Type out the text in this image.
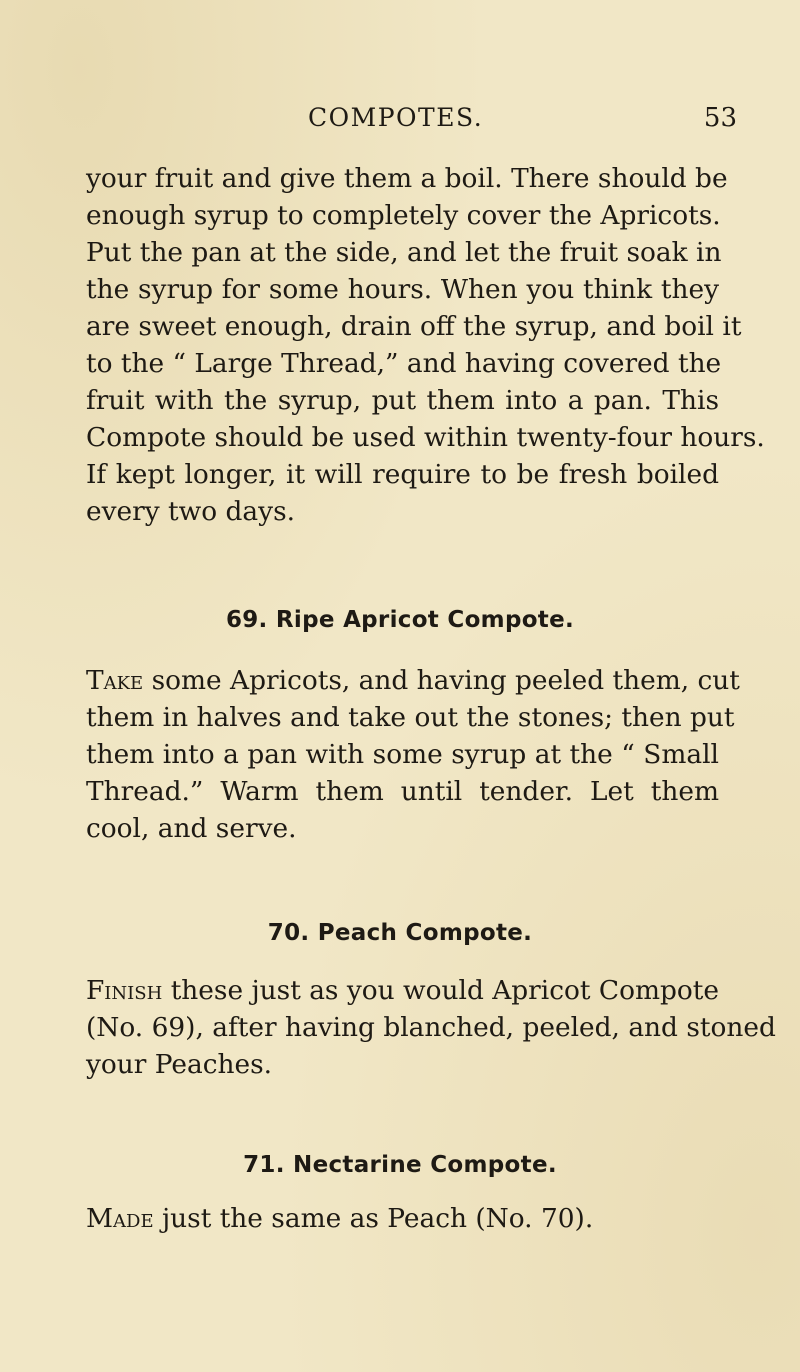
COMPOTES.	53
your fruit and give them a boil. There should be
enough syrup to completely cover the Apricots.
Put the pan at the side, and let the fruit soak in
the syrup for some hours. When you think they
are sweet enough, drain off the syrup, and boil it
to the “ Large Thread,” and having covered the
fruit with the syrup, put them into a pan. This
Compote should be used within twenty-four hours.
If kept longer, it will require to be fresh boiled
every two days.
69. Ripe Apricot Compote.
Take some Apricots, and having peeled them, cut
them in halves and take out the stones; then put
them into a pan with some syrup at the “ Small
Thread.” Warm them until tender. Let them
cool, and serve.
70. Peach Compote.
Finish these just as you would Apricot Compote
(No. 69), after having blanched, peeled, and stoned
your Peaches.
71. Nectarine Compote.
Made just the same as Peach (No. 70).
